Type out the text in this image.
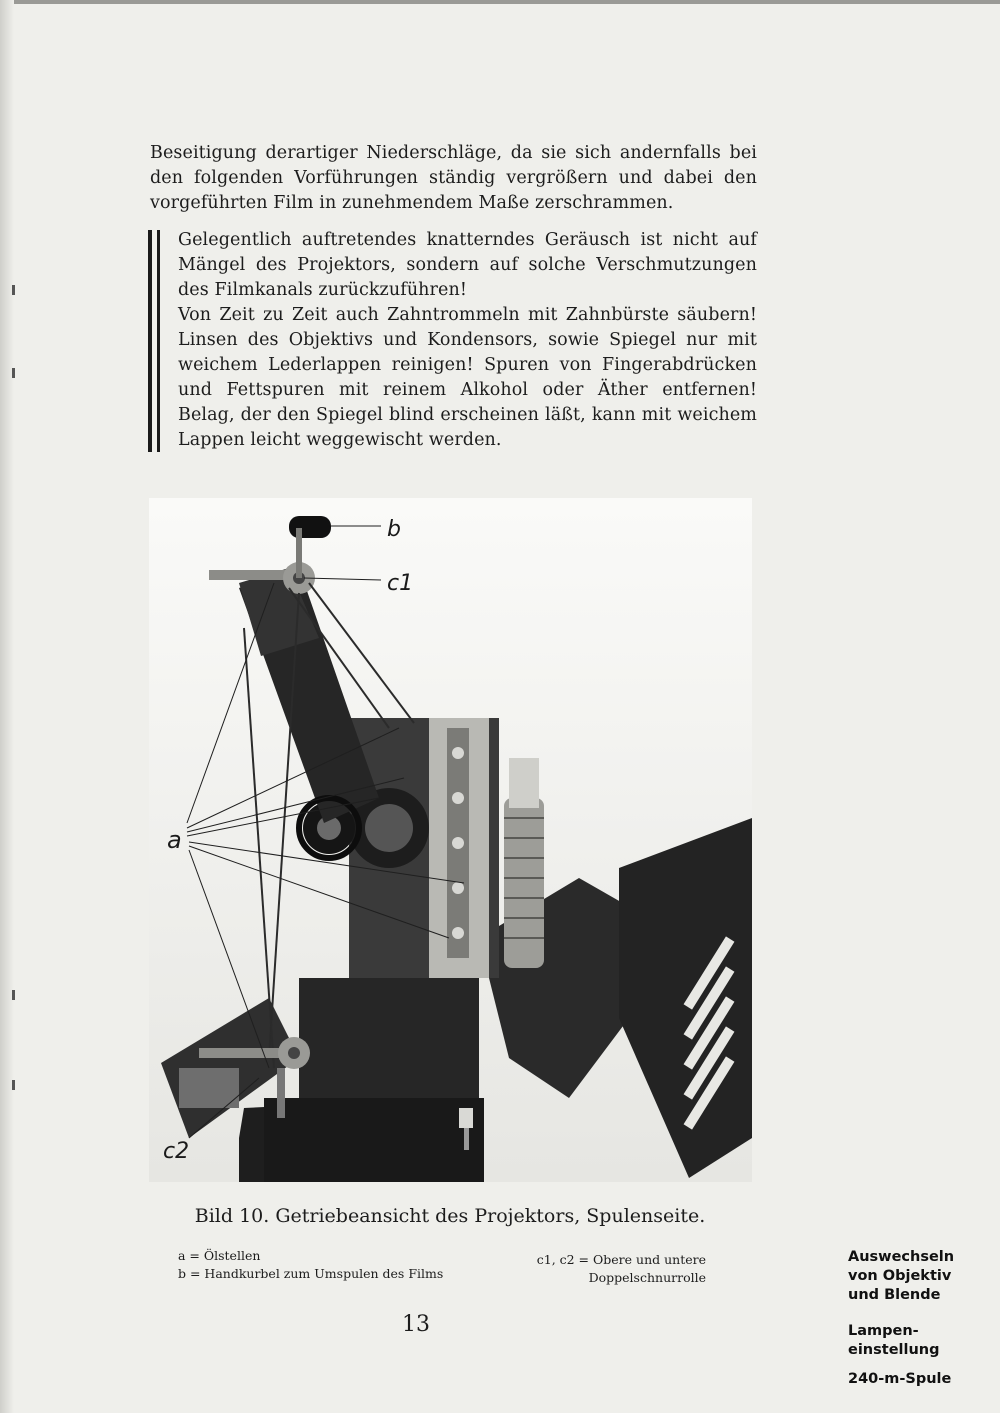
Beseitigung derartiger Niederschläge, da sie sich andernfalls bei
den folgenden Vorführungen ständig vergrößern und dabei den
vorgeführten Film in zunehmendem Maße zerschrammen.
Gelegentlich auftretendes knatterndes Geräusch ist nicht auf
Mängel des Projektors, sondern auf solche Verschmutzungen
des Filmkanals zurückzuführen!
Von Zeit zu Zeit auch Zahntrommeln mit Zahnbürste säubern!
Linsen des Objektivs und Kondensors, sowie Spiegel nur mit
weichem Lederlappen reinigen! Spuren von Fingerabdrücken
und Fettspuren mit reinem Alkohol oder Äther entfernen!
Belag, der den Spiegel blind erscheinen läßt, kann mit weichem
Lappen leicht weggewischt werden.
b
c1
a
c2
Bild 10. Getriebeansicht des Projektors, Spulenseite.
a = Ölstellen
b = Handkurbel zum Umspulen des Films
c1, c2 = Obere und untere
Doppelschnurrolle
13
Auswechseln
von Objektiv
und Blende
Lampen-
einstellung
240-m-Spule
